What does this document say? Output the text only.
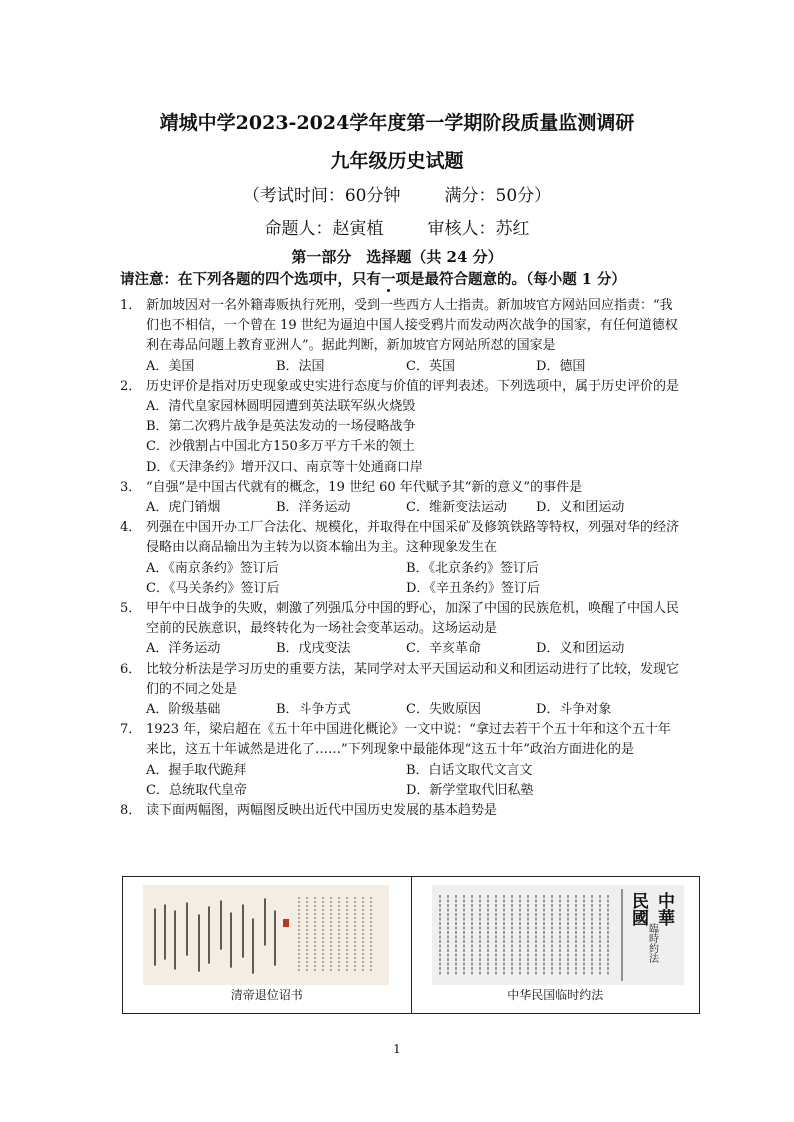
靖城中学2023-2024学年度第一学期阶段质量监测调研
九年级历史试题
（考试时间：60分钟	满分：50分）
命题人：赵寅植	审核人：苏红
第一部分　选择题（共 24 分）
请注意：在下列各题的四个选项中，只有一项是最符合题意的。（每小题 1 分）

1． 新加坡因对一名外籍毒贩执行死刑，受到一些西方人士指责。新加坡官方网站回应指责：“我们也不相信，一个曾在 19 世纪为逼迫中国人接受鸦片而发动两次战争的国家，有任何道德权利在毒品问题上教育亚洲人”。据此判断，新加坡官方网站所怼的国家是

A．美国	B．法国	C．英国	D．德国

2． 历史评价是指对历史现象或史实进行态度与价值的评判表述。下列选项中，属于历史评价的是

A．清代皇家园林圆明园遭到英法联军纵火烧毁
B．第二次鸦片战争是英法发动的一场侵略战争
C．沙俄割占中国北方150多万平方千米的领土
D．《天津条约》增开汉口、南京等十处通商口岸

3． “自强”是中国古代就有的概念，19 世纪 60 年代赋予其“新的意义”的事件是

A．虎门销烟	B．洋务运动	C．维新变法运动	D．义和团运动

4． 列强在中国开办工厂合法化、规模化，并取得在中国采矿及修筑铁路等特权，列强对华的经济侵略由以商品输出为主转为以资本输出为主。这种现象发生在

A．《南京条约》签订后	B．《北京条约》签订后
C．《马关条约》签订后	D．《辛丑条约》签订后

5． 甲午中日战争的失败，刺激了列强瓜分中国的野心，加深了中国的民族危机，唤醒了中国人民空前的民族意识，最终转化为一场社会变革运动。这场运动是

A．洋务运动	B．戊戌变法	C．辛亥革命	D．义和团运动

6． 比较分析法是学习历史的重要方法，某同学对太平天国运动和义和团运动进行了比较，发现它们的不同之处是

A．阶级基础	B．斗争方式	C．失败原因	D．斗争对象

7． 1923 年，梁启超在《五十年中国进化概论》一文中说：“拿过去若干个五十年和这个五十年来比，这五十年诚然是进化了……”下列现象中最能体现“这五十年”政治方面进化的是

A．握手取代跪拜	B．白话文取代文言文
C．总统取代皇帝	D．新学堂取代旧私塾

8． 读下面两幅图，两幅图反映出近代中国历史发展的基本趋势是

清帝退位诏书
中華
民國
臨時約法
中华民国临时约法
1
